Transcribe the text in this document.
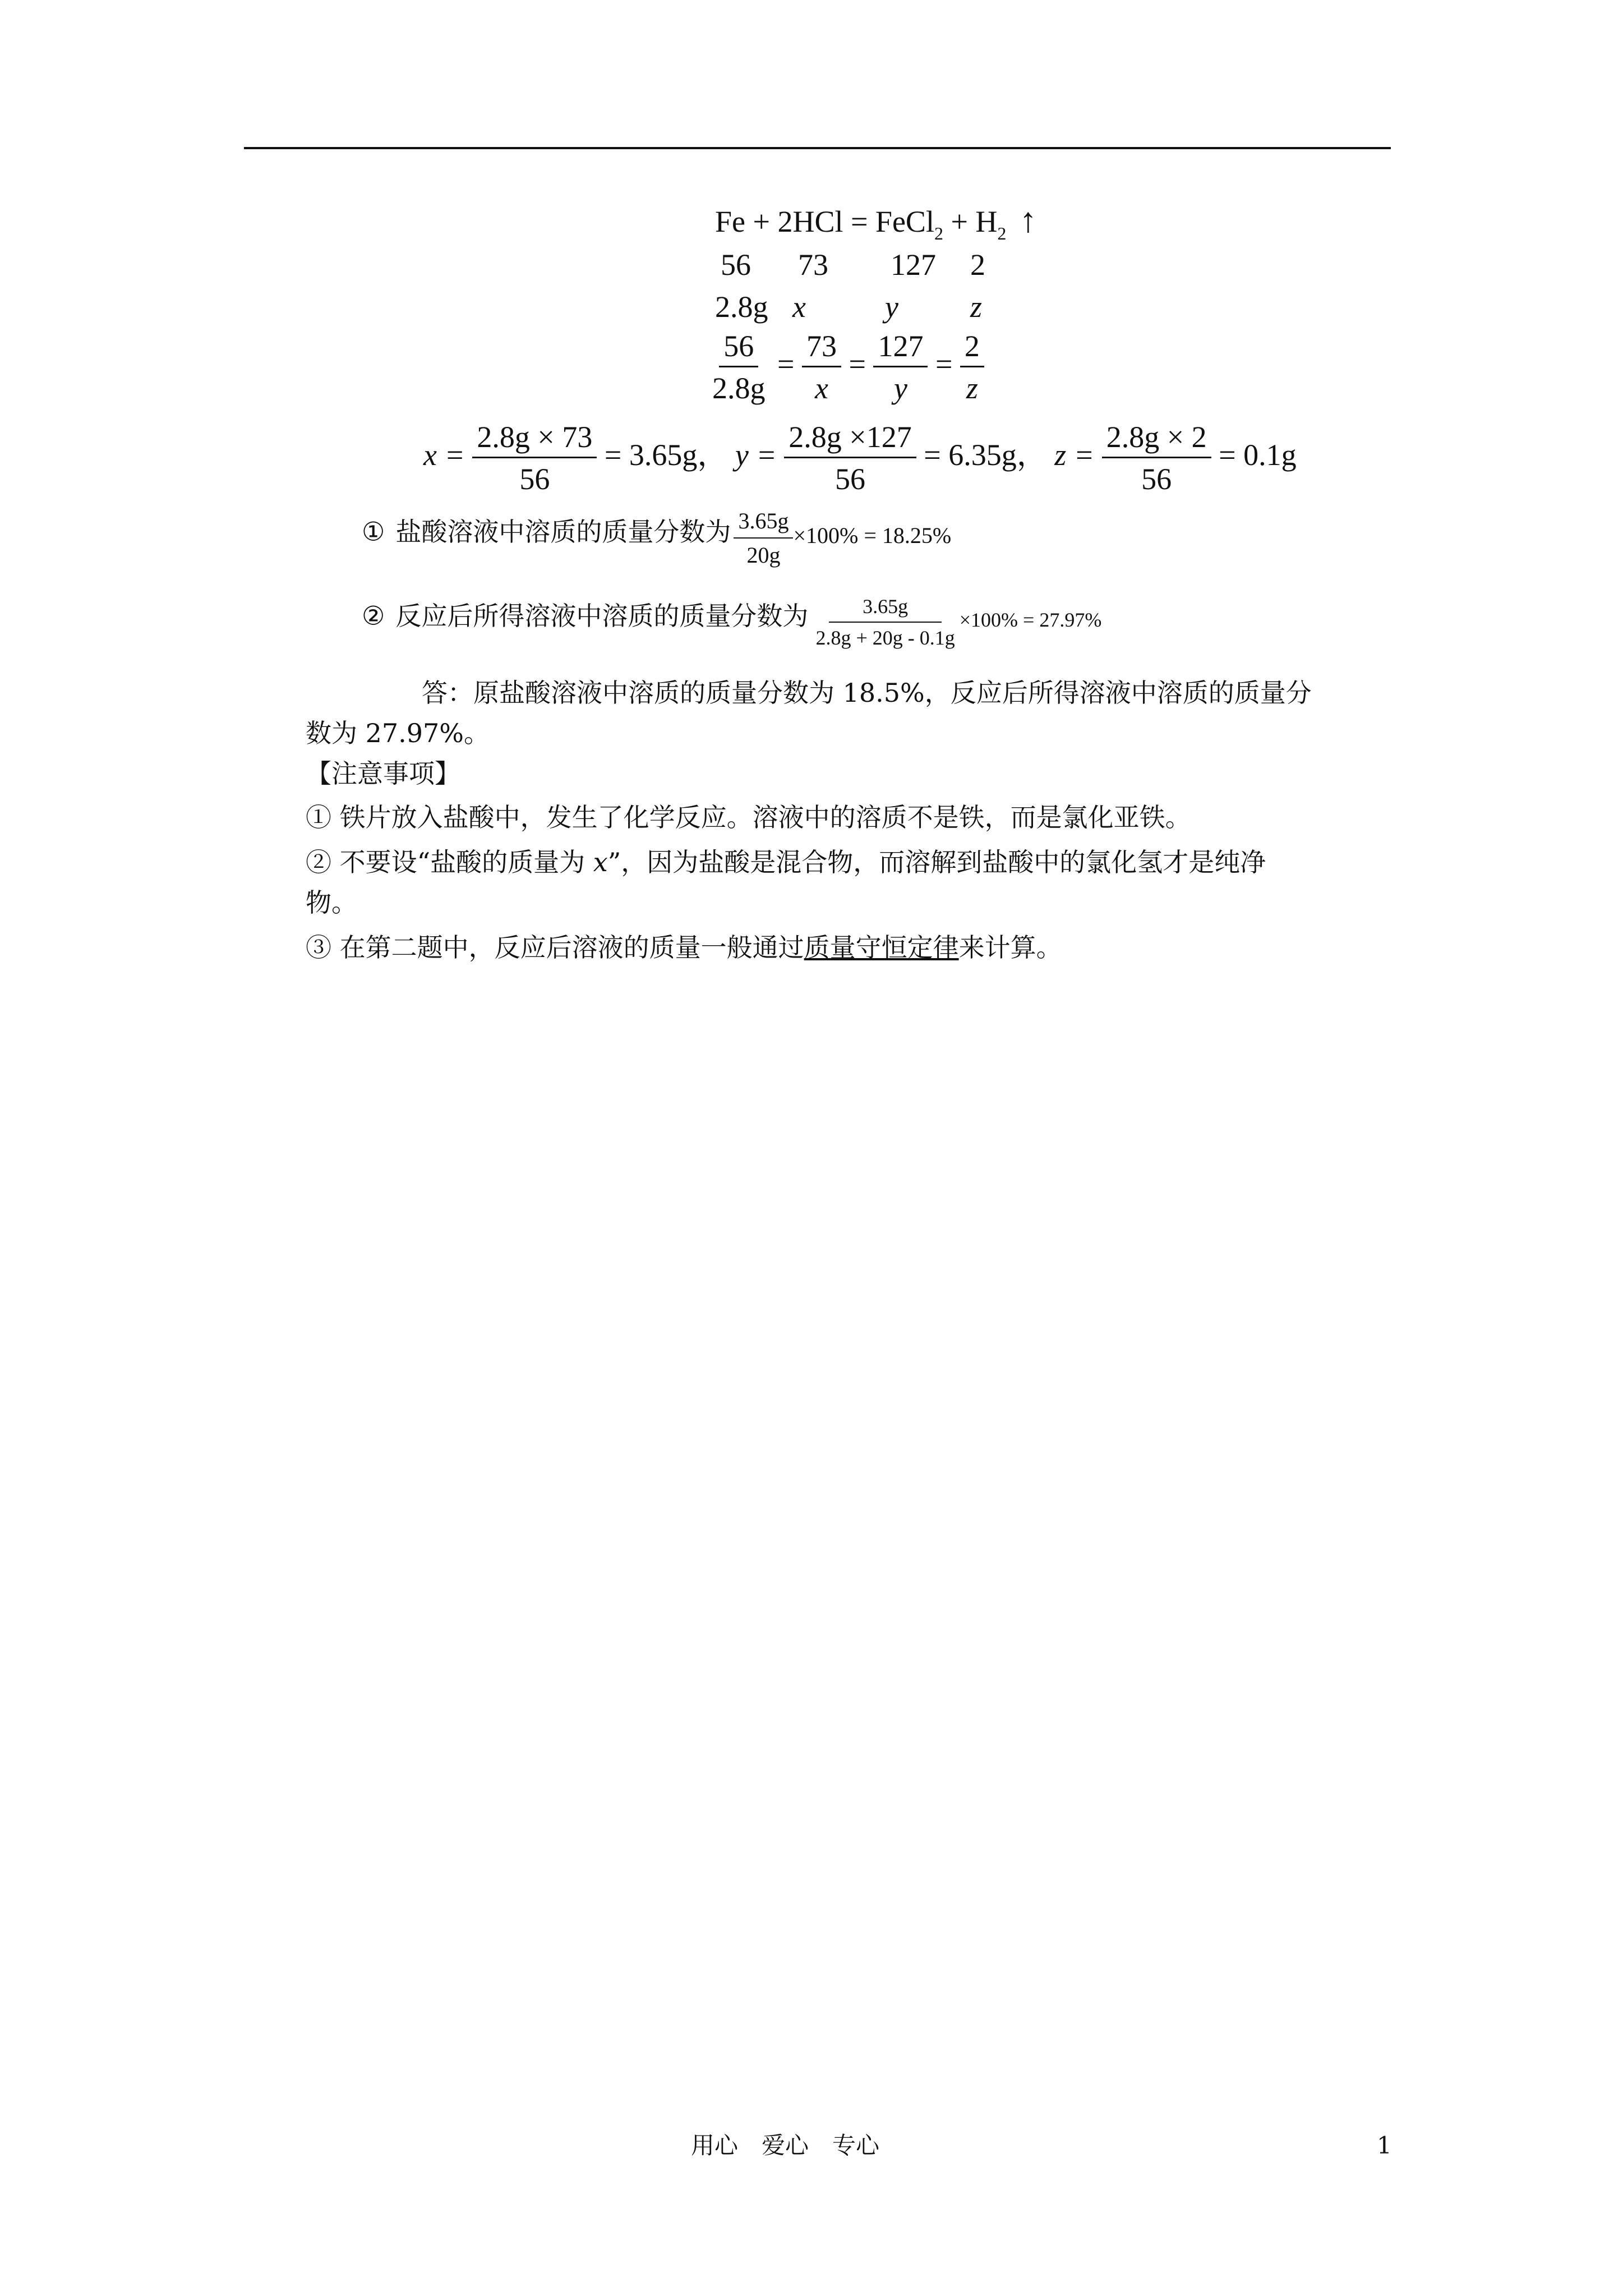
Fe + 2HCl = FeCl$_2$ + $H_2$ ↑
56 73 127 2
2.8g x	y z
$\frac{56}{2.8g} = \frac{73}{x} = \frac{127}{y} = \frac{2}{z}$
$x = \frac{2.8g \times 73}{56} = 3.65g$， $y = \frac{2.8g \times 127}{56} = 6.35g$， $z = \frac{2.8g \times 2}{56} = 0.1g$
① 盐酸溶液中溶质的质量分数为 $\frac{3.65g}{20g} \times 100\% = 18.25\%$
② 反应后所得溶液中溶质的质量分数为 $\frac{3.65g}{2.8g + 20g - 0.1g} \times 100\% = 27.97\%$
答：原盐酸溶液中溶质的质量分数为 18.5%，反应后所得溶液中溶质的质量分
数为 27.97%。
【注意事项】
① 铁片放入盐酸中，发生了化学反应。溶液中的溶质不是铁，而是氯化亚铁。
② 不要设“盐酸的质量为 x”，因为盐酸是混合物，而溶解到盐酸中的氯化氢才是纯净
物。
③ 在第二题中，反应后溶液的质量一般通过质量守恒定律来计算。
用心　爱心　专心	1
